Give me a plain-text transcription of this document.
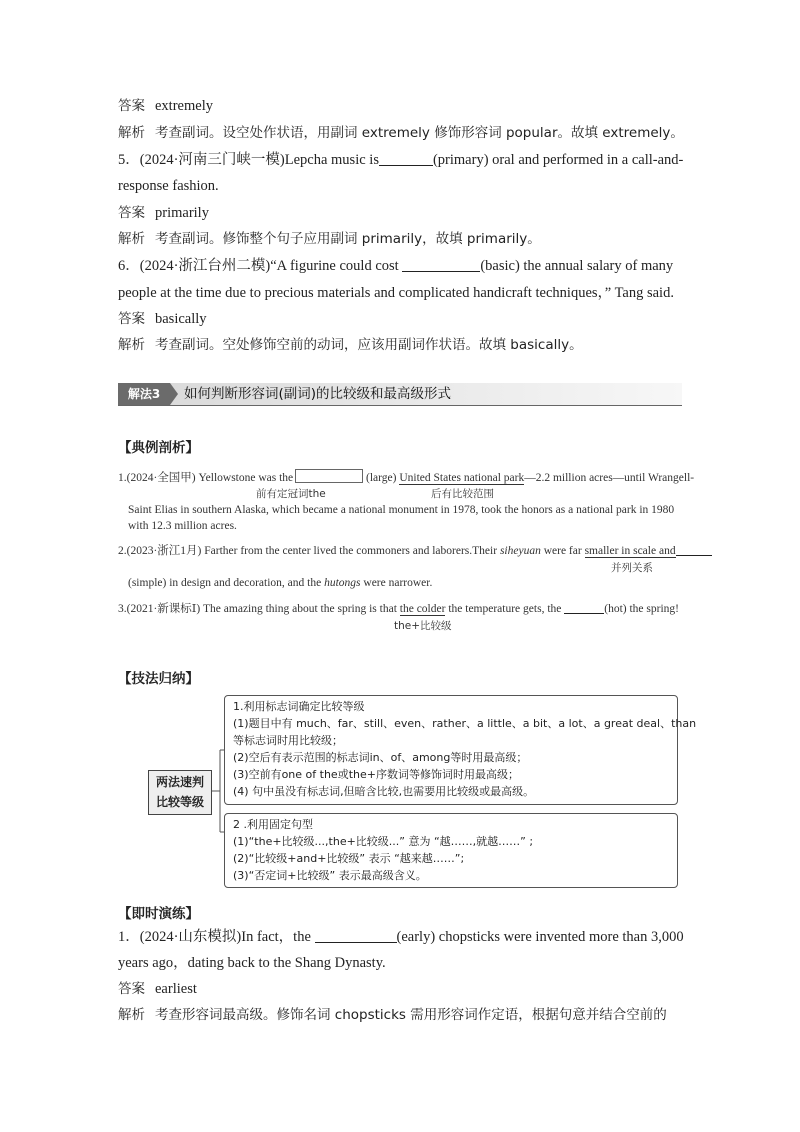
答案 extremely
解析 考查副词。设空处作状语，用副词 extremely 修饰形容词 popular。故填 extremely。
5．(2024·河南三门峡一模)Lepcha music is	(primary) oral and performed in a call-and-
response fashion.
答案 primarily
解析 考查副词。修饰整个句子应用副词 primarily，故填 primarily。
6．(2024·浙江台州二模)“A figurine could cost	(basic) the annual salary of many
people at the time due to precious materials and complicated handicraft techniques，” Tang said.
答案 basically
解析 考查副词。空处修饰空前的动词，应该用副词作状语。故填 basically。
解法3	如何判断形容词(副词)的比较级和最高级形式
【典例剖析】
1.(2024·全国甲) Yellowstone was the	(large) United States national park—2.2 million acres—until Wrangell-
前有定冠词the	后有比较范围
Saint Elias in southern Alaska, which became a national monument in 1978, took the honors as a national park in 1980
with 12.3 million acres.
2.(2023·浙江1月) Farther from the center lived the commoners and laborers.Their siheyuan were far smaller in scale and
并列关系
(simple) in design and decoration, and the hutongs were narrower.
3.(2021·新课标Ⅰ) The amazing thing about the spring is that the colder the temperature gets, the	(hot) the spring!
the+比较级
【技法归纳】
两法速判
比较等级
1.利用标志词确定比较等级
(1)题目中有 much、far、still、even、rather、a little、a bit、a lot、a great deal、than
等标志词时用比较级；
(2)空后有表示范围的标志词in、of、among等时用最高级；
(3)空前有one of the或the+序数词等修饰词时用最高级；
(4) 句中虽没有标志词,但暗含比较,也需要用比较级或最高级。
2 .利用固定句型
(1)“the+比较级...,the+比较级...” 意为 “越……,就越……” ;
(2)“比较级+and+比较级” 表示 “越来越……”;
(3)“否定词+比较级” 表示最高级含义。
【即时演练】
1．(2024·山东模拟)In fact，the	(early) chopsticks were invented more than 3,000
years ago，dating back to the Shang Dynasty.
答案 earliest
解析 考查形容词最高级。修饰名词 chopsticks 需用形容词作定语，根据句意并结合空前的
